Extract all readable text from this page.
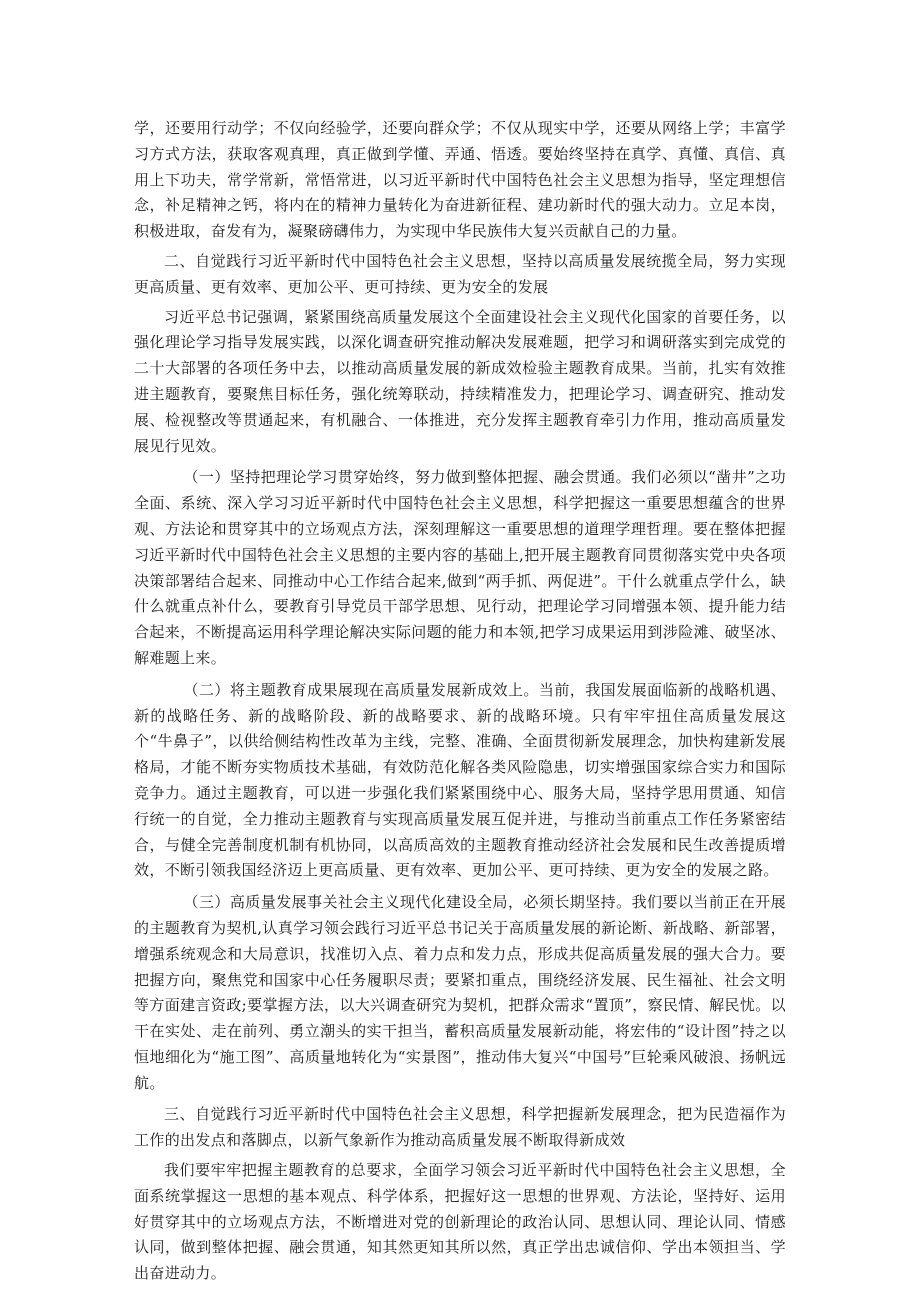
学，还要用行动学；不仅向经验学，还要向群众学；不仅从现实中学，还要从网络上学；丰富学习方式方法，获取客观真理，真正做到学懂、弄通、悟透。要始终坚持在真学、真懂、真信、真用上下功夫，常学常新，常悟常进，以习近平新时代中国特色社会主义思想为指导，坚定理想信念，补足精神之钙，将内在的精神力量转化为奋进新征程、建功新时代的强大动力。立足本岗，积极进取，奋发有为，凝聚磅礴伟力，为实现中华民族伟大复兴贡献自己的力量。

二、自觉践行习近平新时代中国特色社会主义思想，坚持以高质量发展统揽全局，努力实现更高质量、更有效率、更加公平、更可持续、更为安全的发展

习近平总书记强调，紧紧围绕高质量发展这个全面建设社会主义现代化国家的首要任务，以强化理论学习指导发展实践，以深化调查研究推动解决发展难题，把学习和调研落实到完成党的二十大部署的各项任务中去，以推动高质量发展的新成效检验主题教育成果。当前，扎实有效推进主题教育，要聚焦目标任务，强化统筹联动，持续精准发力，把理论学习、调查研究、推动发展、检视整改等贯通起来，有机融合、一体推进，充分发挥主题教育牵引力作用，推动高质量发展见行见效。

（一）坚持把理论学习贯穿始终，努力做到整体把握、融会贯通。我们必须以“凿井”之功全面、系统、深入学习习近平新时代中国特色社会主义思想，科学把握这一重要思想蕴含的世界观、方法论和贯穿其中的立场观点方法，深刻理解这一重要思想的道理学理哲理。要在整体把握习近平新时代中国特色社会主义思想的主要内容的基础上,把开展主题教育同贯彻落实党中央各项决策部署结合起来、同推动中心工作结合起来,做到“两手抓、两促进”。干什么就重点学什么，缺什么就重点补什么，要教育引导党员干部学思想、见行动，把理论学习同增强本领、提升能力结合起来，不断提高运用科学理论解决实际问题的能力和本领,把学习成果运用到涉险滩、破坚冰、解难题上来。

（二）将主题教育成果展现在高质量发展新成效上。当前，我国发展面临新的战略机遇、新的战略任务、新的战略阶段、新的战略要求、新的战略环境。只有牢牢扭住高质量发展这个“牛鼻子”，以供给侧结构性改革为主线，完整、准确、全面贯彻新发展理念，加快构建新发展格局，才能不断夯实物质技术基础，有效防范化解各类风险隐患，切实增强国家综合实力和国际竞争力。通过主题教育，可以进一步强化我们紧紧围绕中心、服务大局，坚持学思用贯通、知信行统一的自觉，全力推动主题教育与实现高质量发展互促并进，与推动当前重点工作任务紧密结合，与健全完善制度机制有机协同，以高质高效的主题教育推动经济社会发展和民生改善提质增效，不断引领我国经济迈上更高质量、更有效率、更加公平、更可持续、更为安全的发展之路。

（三）高质量发展事关社会主义现代化建设全局，必须长期坚持。我们要以当前正在开展的主题教育为契机,认真学习领会践行习近平总书记关于高质量发展的新论断、新战略、新部署，增强系统观念和大局意识，找准切入点、着力点和发力点，形成共促高质量发展的强大合力。要把握方向，聚焦党和国家中心任务履职尽责；要紧扣重点，围绕经济发展、民生福祉、社会文明等方面建言资政;要掌握方法，以大兴调查研究为契机，把群众需求“置顶”，察民情、解民忧。以干在实处、走在前列、勇立潮头的实干担当，蓄积高质量发展新动能，将宏伟的“设计图”持之以恒地细化为“施工图”、高质量地转化为“实景图”，推动伟大复兴“中国号”巨轮乘风破浪、扬帆远航。

三、自觉践行习近平新时代中国特色社会主义思想，科学把握新发展理念，把为民造福作为工作的出发点和落脚点，以新气象新作为推动高质量发展不断取得新成效

我们要牢牢把握主题教育的总要求，全面学习领会习近平新时代中国特色社会主义思想，全面系统掌握这一思想的基本观点、科学体系，把握好这一思想的世界观、方法论，坚持好、运用好贯穿其中的立场观点方法，不断增进对党的创新理论的政治认同、思想认同、理论认同、情感认同，做到整体把握、融会贯通，知其然更知其所以然，真正学出忠诚信仰、学出本领担当、学出奋进动力。
